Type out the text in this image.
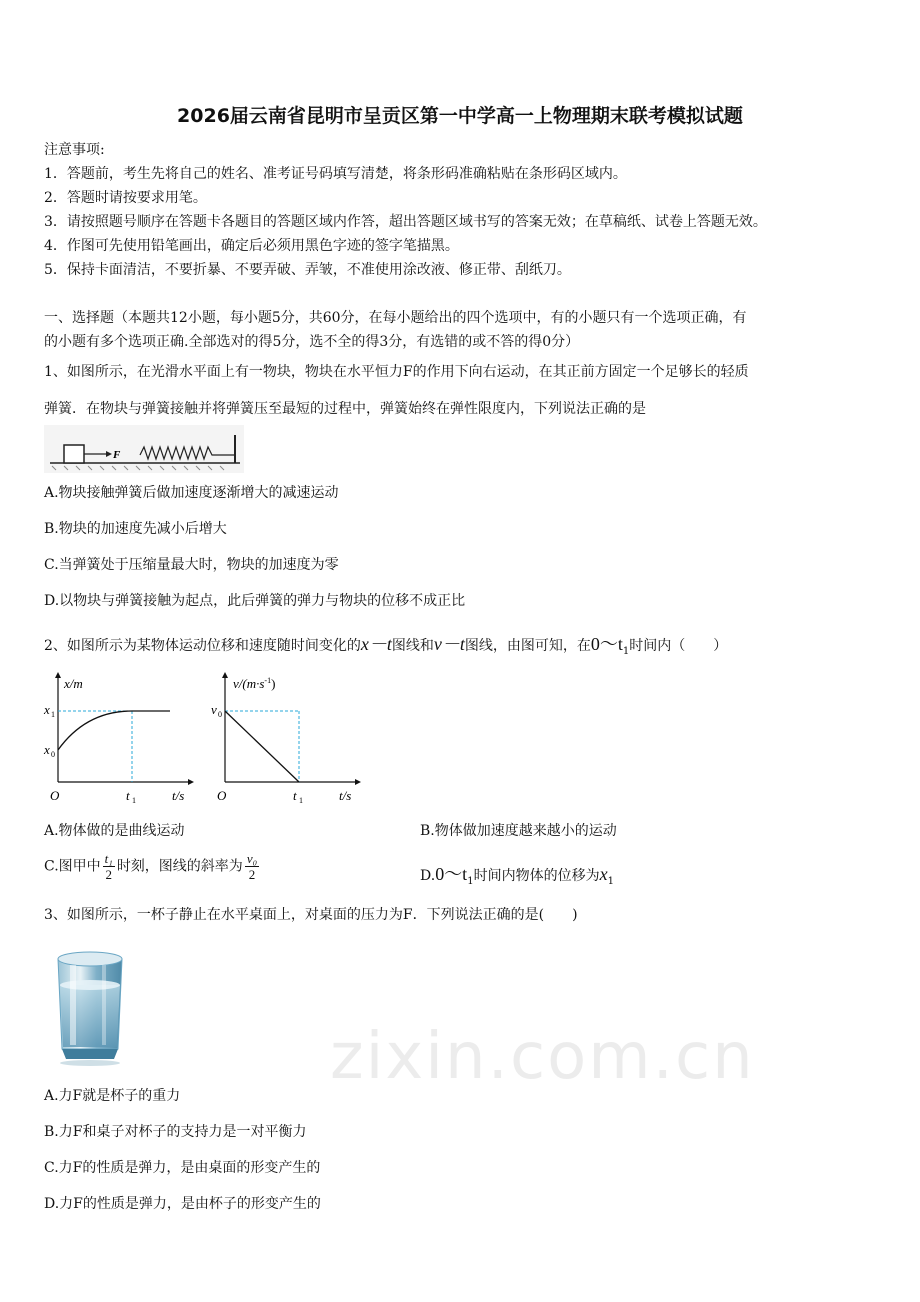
2026届云南省昆明市呈贡区第一中学高一上物理期末联考模拟试题
注意事项:
1．答题前，考生先将自己的姓名、准考证号码填写清楚，将条形码准确粘贴在条形码区域内。
2．答题时请按要求用笔。
3．请按照题号顺序在答题卡各题目的答题区域内作答，超出答题区域书写的答案无效；在草稿纸、试卷上答题无效。
4．作图可先使用铅笔画出，确定后必须用黑色字迹的签字笔描黑。
5．保持卡面清洁，不要折暴、不要弄破、弄皱，不准使用涂改液、修正带、刮纸刀。
一、选择题（本题共12小题，每小题5分，共60分，在每小题给出的四个选项中，有的小题只有一个选项正确，有
的小题有多个选项正确.全部选对的得5分，选不全的得3分，有选错的或不答的得0分）
1、如图所示，在光滑水平面上有一物块，物块在水平恒力F的作用下向右运动，在其正前方固定一个足够长的轻质
弹簧．在物块与弹簧接触并将弹簧压至最短的过程中，弹簧始终在弹性限度内，下列说法正确的是
F
A.物块接触弹簧后做加速度逐渐增大的减速运动
B.物块的加速度先减小后增大
C.当弹簧处于压缩量最大时，物块的加速度为零
D.以物块与弹簧接触为起点，此后弹簧的弹力与物块的位移不成正比
2、如图所示为某物体运动位移和速度随时间变化的x－t图线和v－t图线，由图可知，在$0\sim t_1$时间内（　　）
x/m
t/s
O
x 1
x 0
t 1
$v/(m\cdot s^{-1})$
t/s
O
v 0
t 1
A.物体做的是曲线运动	B.物体做加速度越来越小的运动
C.图甲中 $\frac{\text{t₁}}{2}$ 时刻，图线的斜率为 $\frac{\text{v₀}}{2}$	$D.0\sim t_1$时间内物体的位移为$x_1$
3、如图所示，一杯子静止在水平桌面上，对桌面的压力为F．下列说法正确的是(　　)
A.力F就是杯子的重力
B.力F和桌子对杯子的支持力是一对平衡力
C.力F的性质是弹力，是由桌面的形变产生的
D.力F的性质是弹力，是由杯子的形变产生的
zixin.com.cn
